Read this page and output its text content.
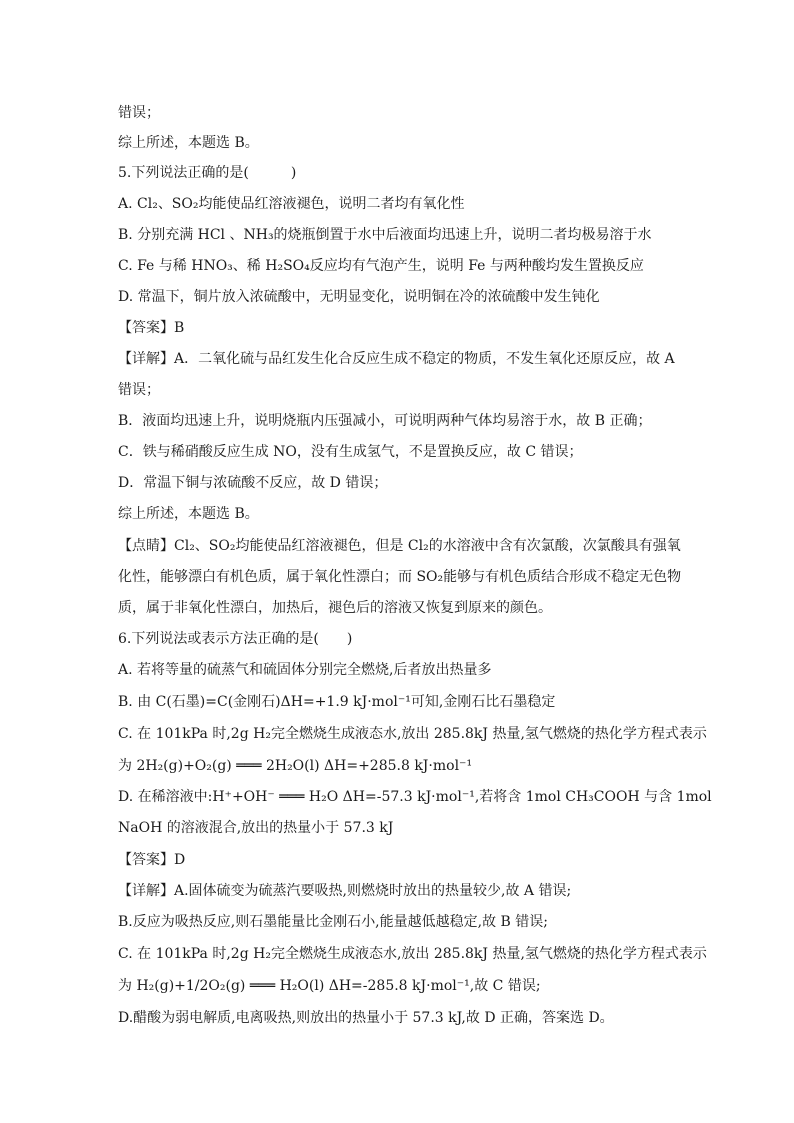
错误；
综上所述，本题选 B。
5.下列说法正确的是(　　　)
A. Cl₂、SO₂均能使品红溶液褪色，说明二者均有氧化性
B. 分别充满 HCl 、NH₃的烧瓶倒置于水中后液面均迅速上升，说明二者均极易溶于水
C. Fe 与稀 HNO₃、稀 H₂SO₄反应均有气泡产生，说明 Fe 与两种酸均发生置换反应
D. 常温下，铜片放入浓硫酸中，无明显变化，说明铜在冷的浓硫酸中发生钝化
【答案】B
【详解】A．二氧化硫与品红发生化合反应生成不稳定的物质，不发生氧化还原反应，故 A
错误；
B．液面均迅速上升，说明烧瓶内压强减小，可说明两种气体均易溶于水，故 B 正确；
C．铁与稀硝酸反应生成 NO，没有生成氢气，不是置换反应，故 C 错误；
D．常温下铜与浓硫酸不反应，故 D 错误；
综上所述，本题选 B。
【点睛】Cl₂、SO₂均能使品红溶液褪色，但是 Cl₂的水溶液中含有次氯酸，次氯酸具有强氧
化性，能够漂白有机色质，属于氧化性漂白；而 SO₂能够与有机色质结合形成不稳定无色物
质，属于非氧化性漂白，加热后，褪色后的溶液又恢复到原来的颜色。
6.下列说法或表示方法正确的是(　　)
A. 若将等量的硫蒸气和硫固体分别完全燃烧,后者放出热量多
B. 由 C(石墨)=C(金刚石)ΔH=+1.9 kJ·mol⁻¹可知,金刚石比石墨稳定
C. 在 101kPa 时,2g H₂完全燃烧生成液态水,放出 285.8kJ 热量,氢气燃烧的热化学方程式表示
为 2H₂(g)+O₂(g) ═══ 2H₂O(l) ΔH=+285.8 kJ·mol⁻¹
D. 在稀溶液中:H⁺+OH⁻ ═══ H₂O ΔH=-57.3 kJ·mol⁻¹,若将含 1mol CH₃COOH 与含 1mol
NaOH 的溶液混合,放出的热量小于 57.3 kJ
【答案】D
【详解】A.固体硫变为硫蒸汽要吸热,则燃烧时放出的热量较少,故 A 错误;
B.反应为吸热反应,则石墨能量比金刚石小,能量越低越稳定,故 B 错误;
C. 在 101kPa 时,2g H₂完全燃烧生成液态水,放出 285.8kJ 热量,氢气燃烧的热化学方程式表示
为 H₂(g)+1/2O₂(g) ═══ H₂O(l) ΔH=-285.8 kJ·mol⁻¹,故 C 错误;
D.醋酸为弱电解质,电离吸热,则放出的热量小于 57.3 kJ,故 D 正确，答案选 D。
